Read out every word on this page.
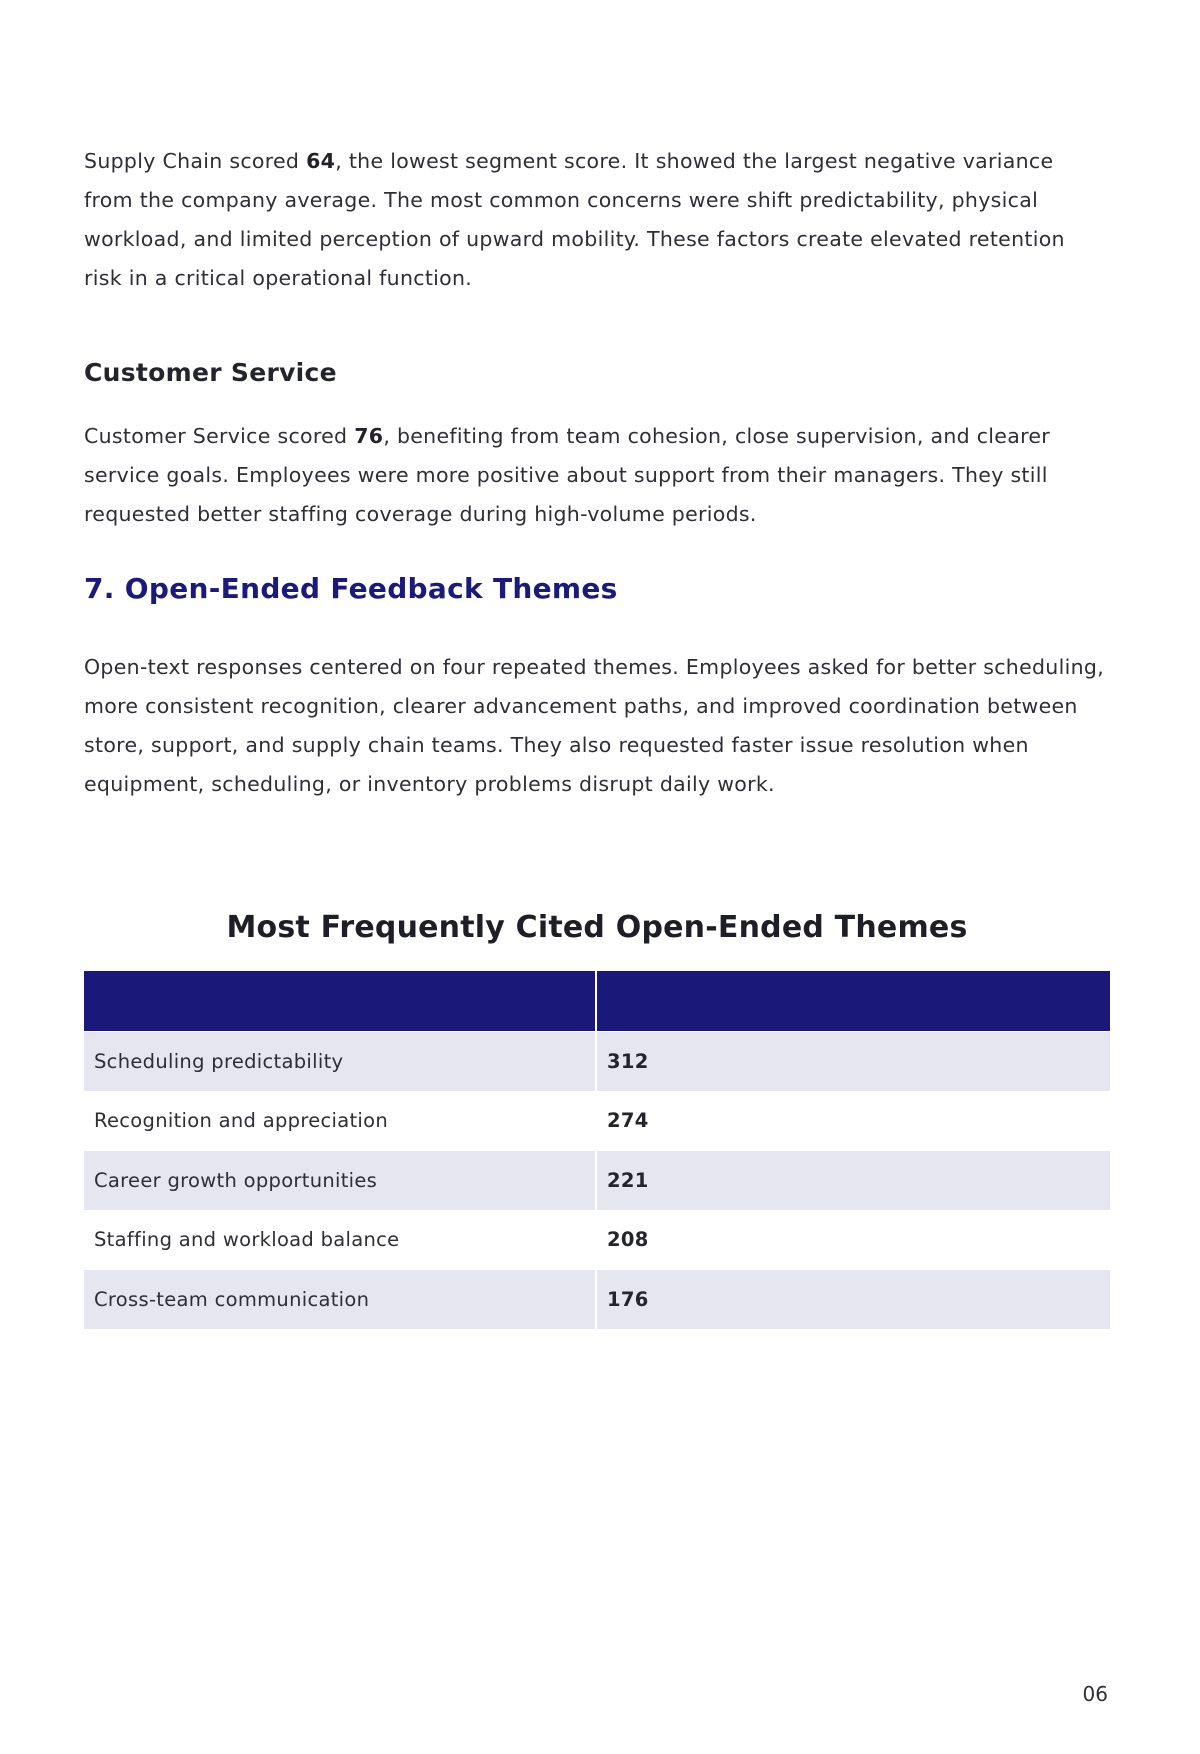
Supply Chain scored 64, the lowest segment score. It showed the largest negative variance from the company average. The most common concerns were shift predictability, physical workload, and limited perception of upward mobility. These factors create elevated retention risk in a critical operational function.

Customer Service

Customer Service scored 76, benefiting from team cohesion, close supervision, and clearer service goals. Employees were more positive about support from their managers. They still requested better staffing coverage during high-volume periods.

7. Open-Ended Feedback Themes

Open-text responses centered on four repeated themes. Employees asked for better scheduling, more consistent recognition, clearer advancement paths, and improved coordination between store, support, and supply chain teams. They also requested faster issue resolution when equipment, scheduling, or inventory problems disrupt daily work.

Most Frequently Cited Open-Ended Themes

Scheduling predictability	312
Recognition and appreciation	274
Career growth opportunities	221
Staffing and workload balance	208
Cross-team communication	176
06
